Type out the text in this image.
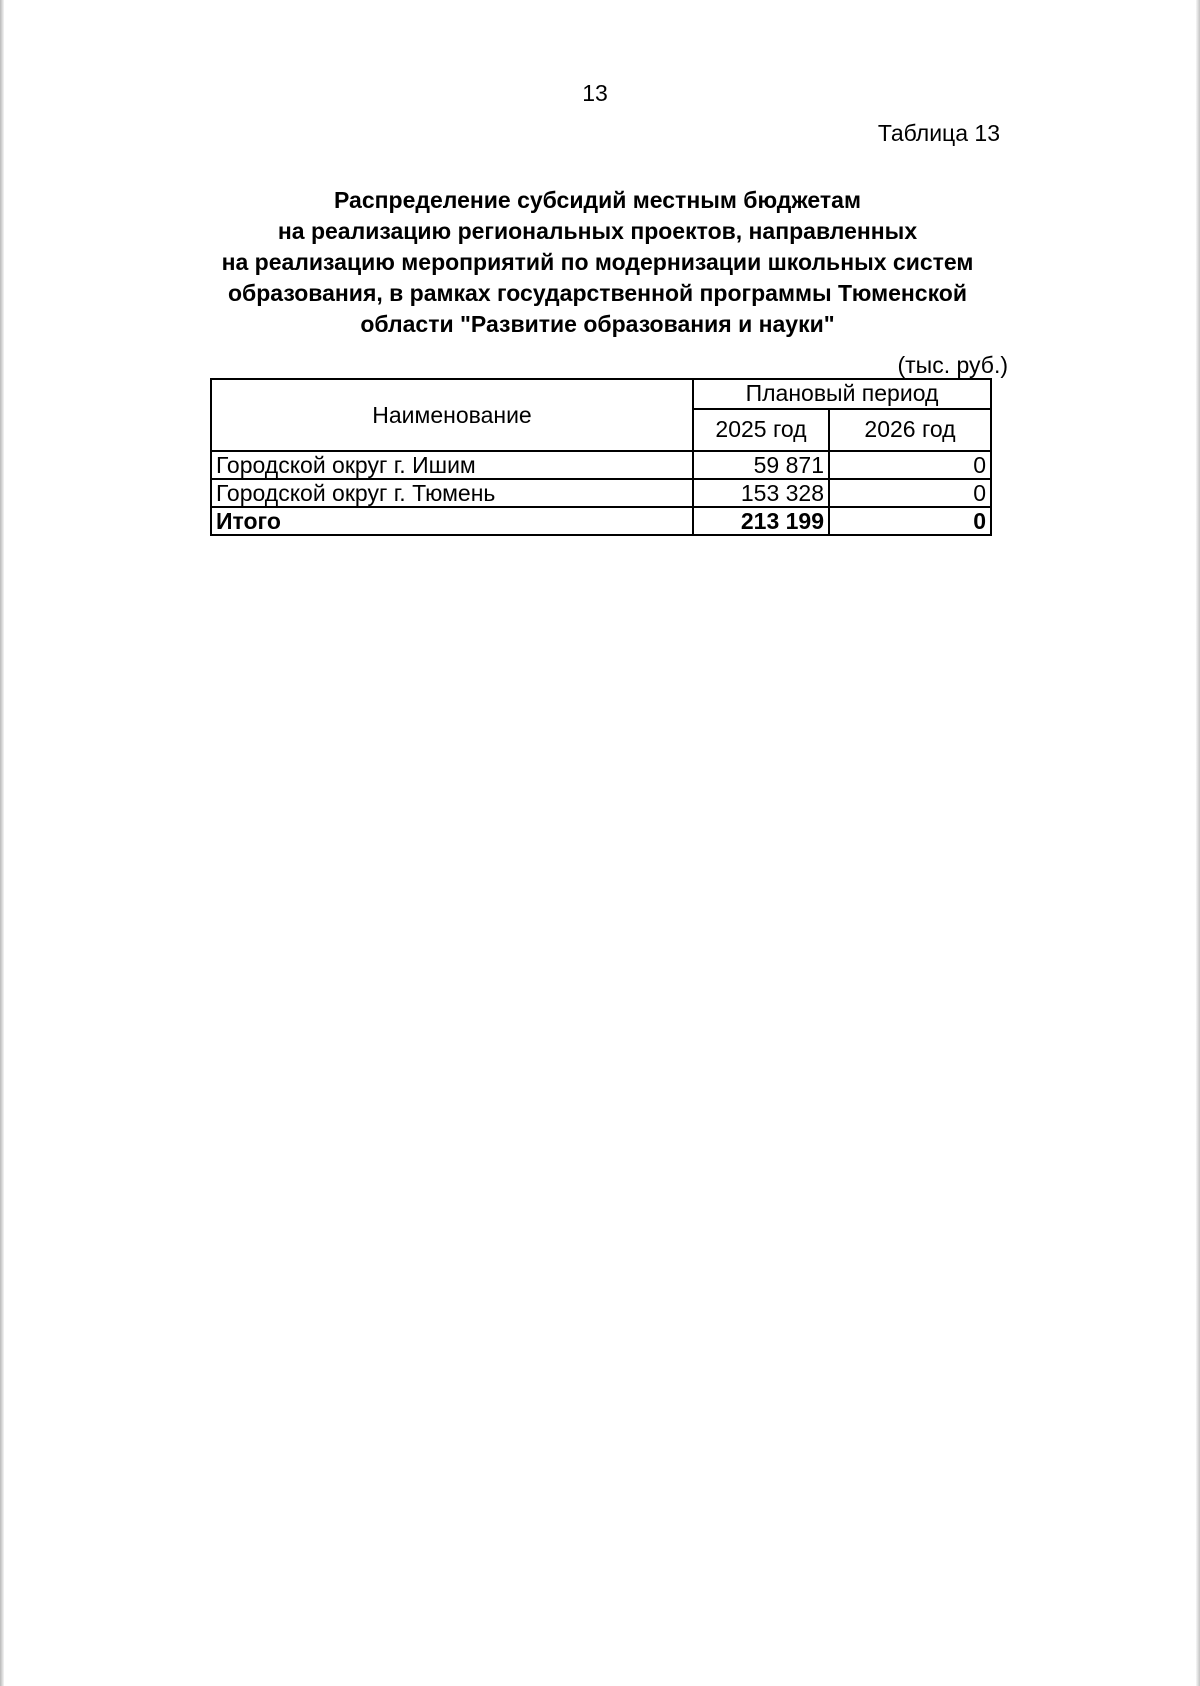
13
Таблица 13
Распределение субсидий местным бюджетам
на реализацию региональных проектов, направленных
на реализацию мероприятий по модернизации школьных систем
образования, в рамках государственной программы Тюменской
области "Развитие образования и науки"
(тыс. руб.)
Наименование	Плановый период	
	2025 год	2026 год
Городской округ г. Ишим	59 871	0
Городской округ г. Тюмень	153 328	0
Итого	213 199	0
